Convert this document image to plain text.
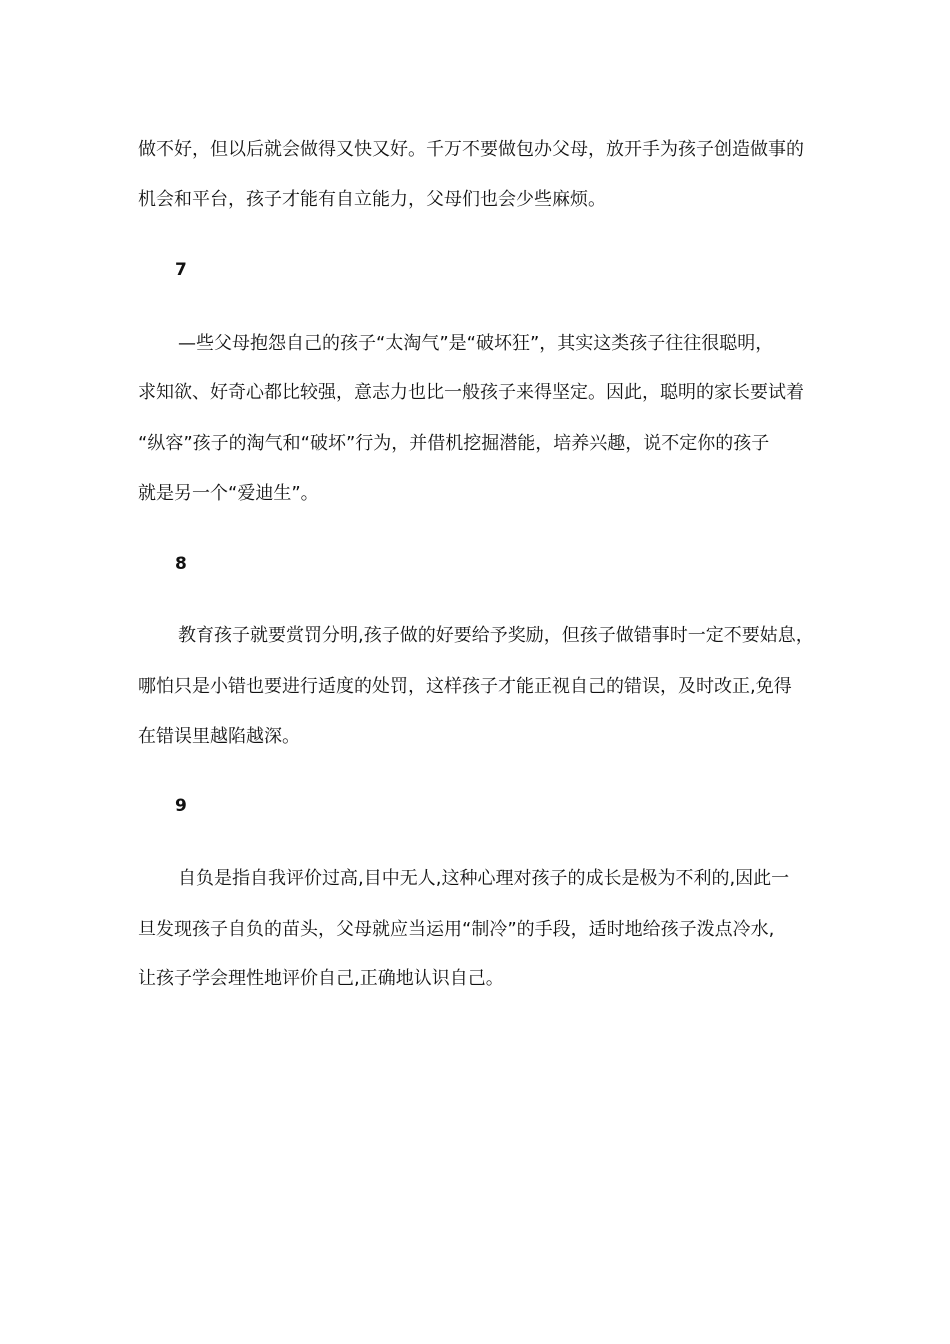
做不好，但以后就会做得又快又好。千万不要做包办父母，放开手为孩子创造做事的
机会和平台，孩子才能有自立能力，父母们也会少些麻烦。
7
—些父母抱怨自己的孩子“太淘气”是“破坏狂”，其实这类孩子往往很聪明，
求知欲、好奇心都比较强，意志力也比一般孩子来得坚定。因此，聪明的家长要试着
“纵容”孩子的淘气和“破坏”行为，并借机挖掘潜能，培养兴趣，说不定你的孩子
就是另一个“爱迪生”。
8
教育孩子就要赏罚分明,孩子做的好要给予奖励，但孩子做错事时一定不要姑息，
哪怕只是小错也要进行适度的处罚，这样孩子才能正视自己的错误，及时改正,免得
在错误里越陷越深。
9
自负是指自我评价过高,目中无人,这种心理对孩子的成长是极为不利的,因此一
旦发现孩子自负的苗头，父母就应当运用“制冷”的手段，适时地给孩子泼点冷水,
让孩子学会理性地评价自己,正确地认识自己。
